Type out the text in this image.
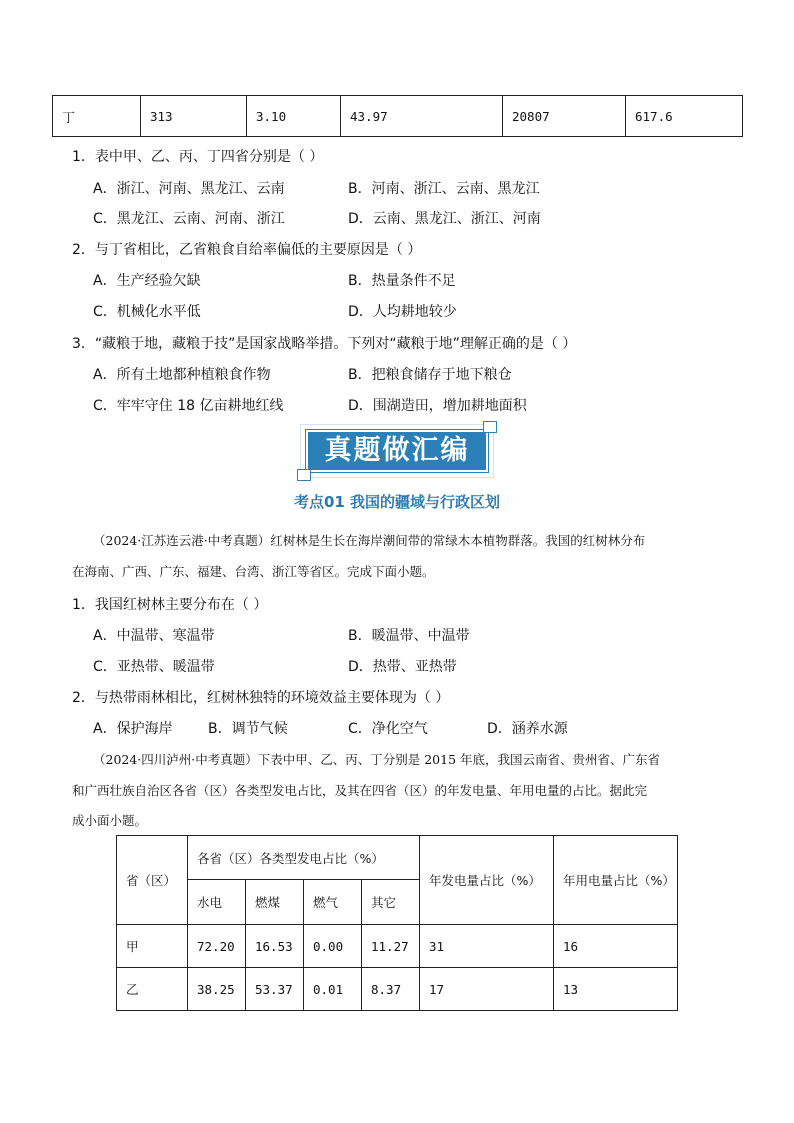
丁	313	3.10	43.97	20807	617.6
1．表中甲、乙、丙、丁四省分别是（ ）
A．浙江、河南、黑龙江、云南	B．河南、浙江、云南、黑龙江
C．黑龙江、云南、河南、浙江	D．云南、黑龙江、浙江、河南
2．与丁省相比，乙省粮食自给率偏低的主要原因是（ ）
A．生产经验欠缺	B．热量条件不足
C．机械化水平低	D．人均耕地较少
3．“藏粮于地，藏粮于技”是国家战略举措。下列对“藏粮于地”理解正确的是（ ）
A．所有土地都种植粮食作物	B．把粮食储存于地下粮仓
C．牢牢守住 18 亿亩耕地红线	D．围湖造田，增加耕地面积
真题做汇编
考点01 我国的疆域与行政区划
（2024·江苏连云港·中考真题）红树林是生长在海岸潮间带的常绿木本植物群落。我国的红树林分布
在海南、广西、广东、福建、台湾、浙江等省区。完成下面小题。
1．我国红树林主要分布在（ ）
A．中温带、寒温带	B．暖温带、中温带
C．亚热带、暖温带	D．热带、亚热带
2．与热带雨林相比，红树林独特的环境效益主要体现为（ ）
A．保护海岸	B．调节气候	C．净化空气	D．涵养水源
（2024·四川泸州·中考真题）下表中甲、乙、丙、丁分别是 2015 年底，我国云南省、贵州省、广东省
和广西壮族自治区各省（区）各类型发电占比，及其在四省（区）的年发电量、年用电量的占比。据此完
成小面小题。
省（区）	各省（区）各类型发电占比（%）				年发电量占比（%）	年用电量占比（%）
	水电	燃煤	燃气	其它		
甲	72.20	16.53	0.00	11.27	31	16
乙	38.25	53.37	0.01	8.37	17	13
